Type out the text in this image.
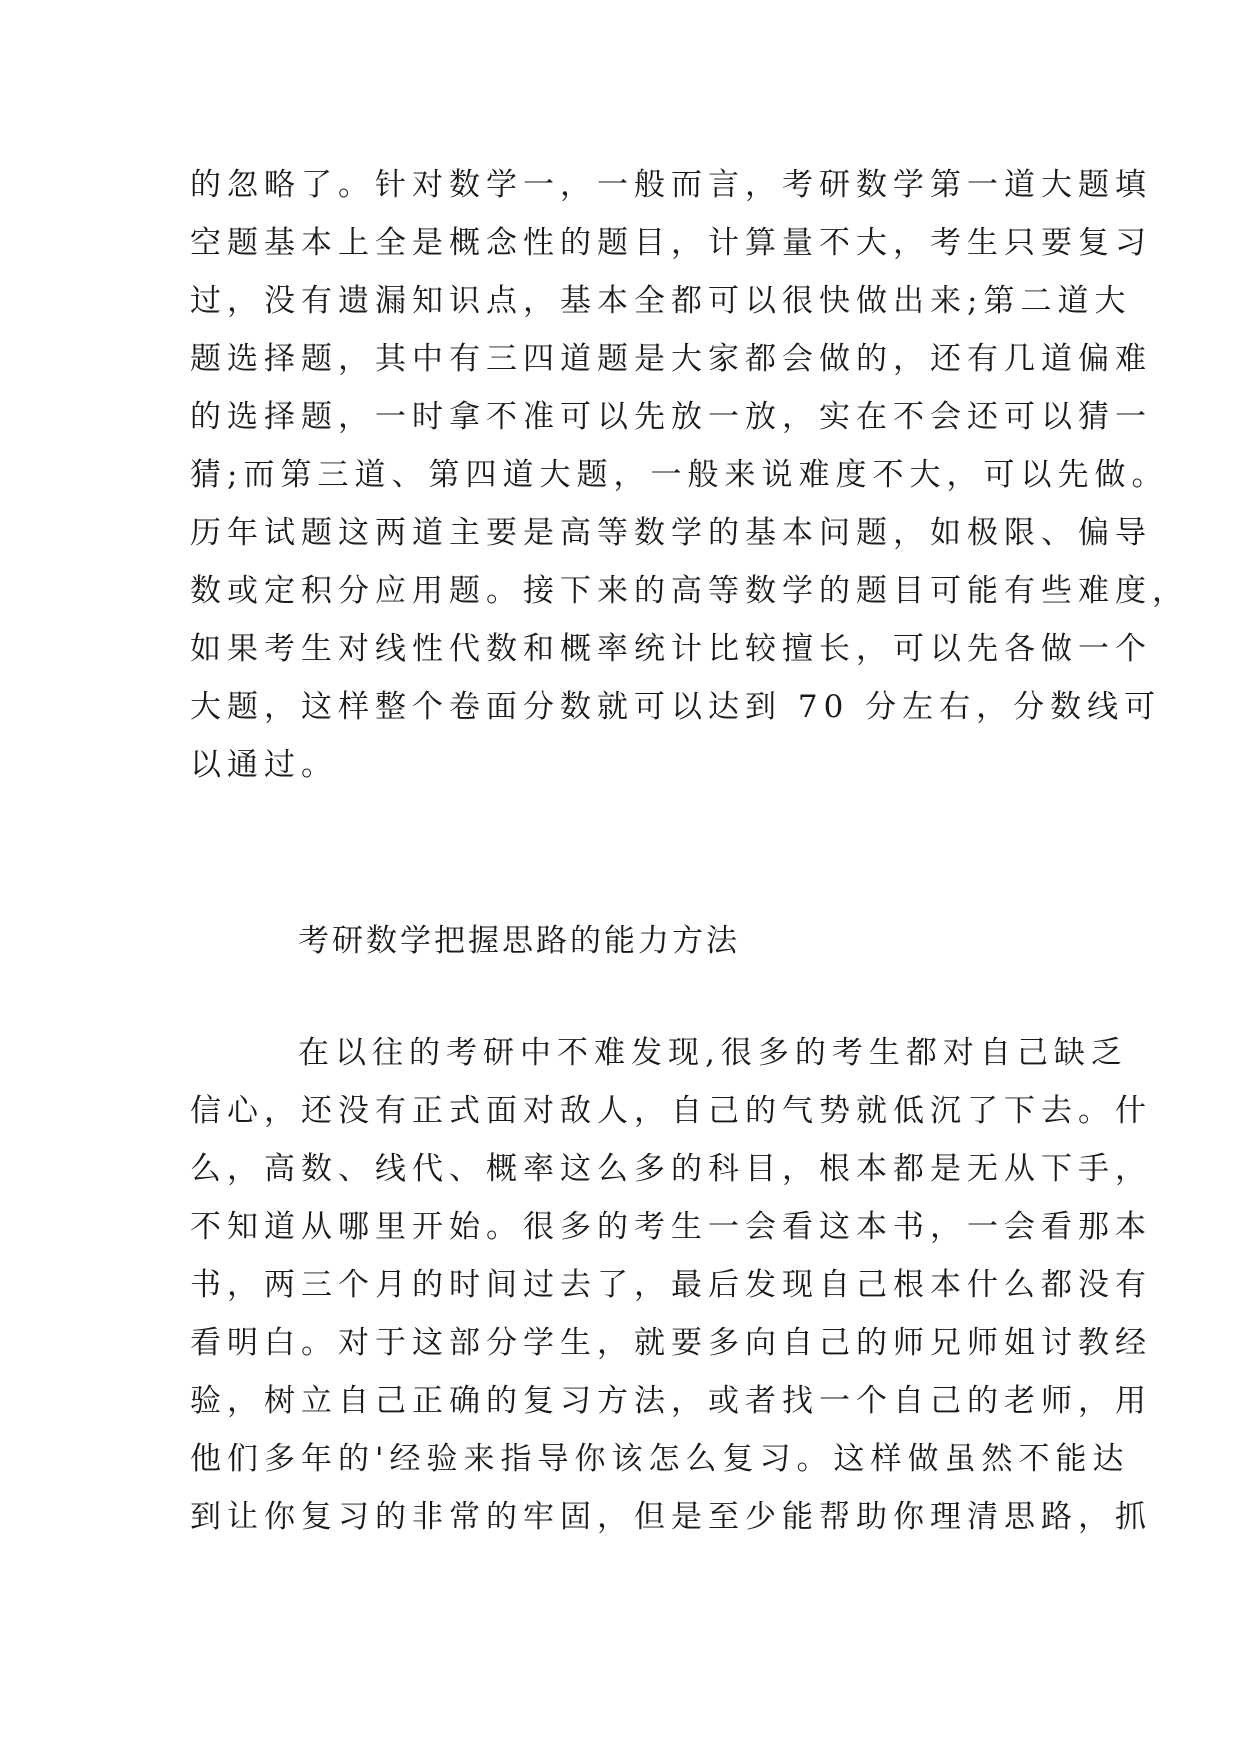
的忽略了。针对数学一，一般而言，考研数学第一道大题填
空题基本上全是概念性的题目，计算量不大，考生只要复习
过，没有遗漏知识点，基本全都可以很快做出来;第二道大
题选择题，其中有三四道题是大家都会做的，还有几道偏难
的选择题，一时拿不准可以先放一放，实在不会还可以猜一
猜;而第三道、第四道大题，一般来说难度不大，可以先做。
历年试题这两道主要是高等数学的基本问题，如极限、偏导
数或定积分应用题。接下来的高等数学的题目可能有些难度，
如果考生对线性代数和概率统计比较擅长，可以先各做一个
大题，这样整个卷面分数就可以达到 70 分左右，分数线可
以通过。
考研数学把握思路的能力方法
在以往的考研中不难发现,很多的考生都对自己缺乏
信心，还没有正式面对敌人，自己的气势就低沉了下去。什
么，高数、线代、概率这么多的科目，根本都是无从下手，
不知道从哪里开始。很多的考生一会看这本书，一会看那本
书，两三个月的时间过去了，最后发现自己根本什么都没有
看明白。对于这部分学生，就要多向自己的师兄师姐讨教经
验，树立自己正确的复习方法，或者找一个自己的老师，用
他们多年的'经验来指导你该怎么复习。这样做虽然不能达
到让你复习的非常的牢固，但是至少能帮助你理清思路，抓
